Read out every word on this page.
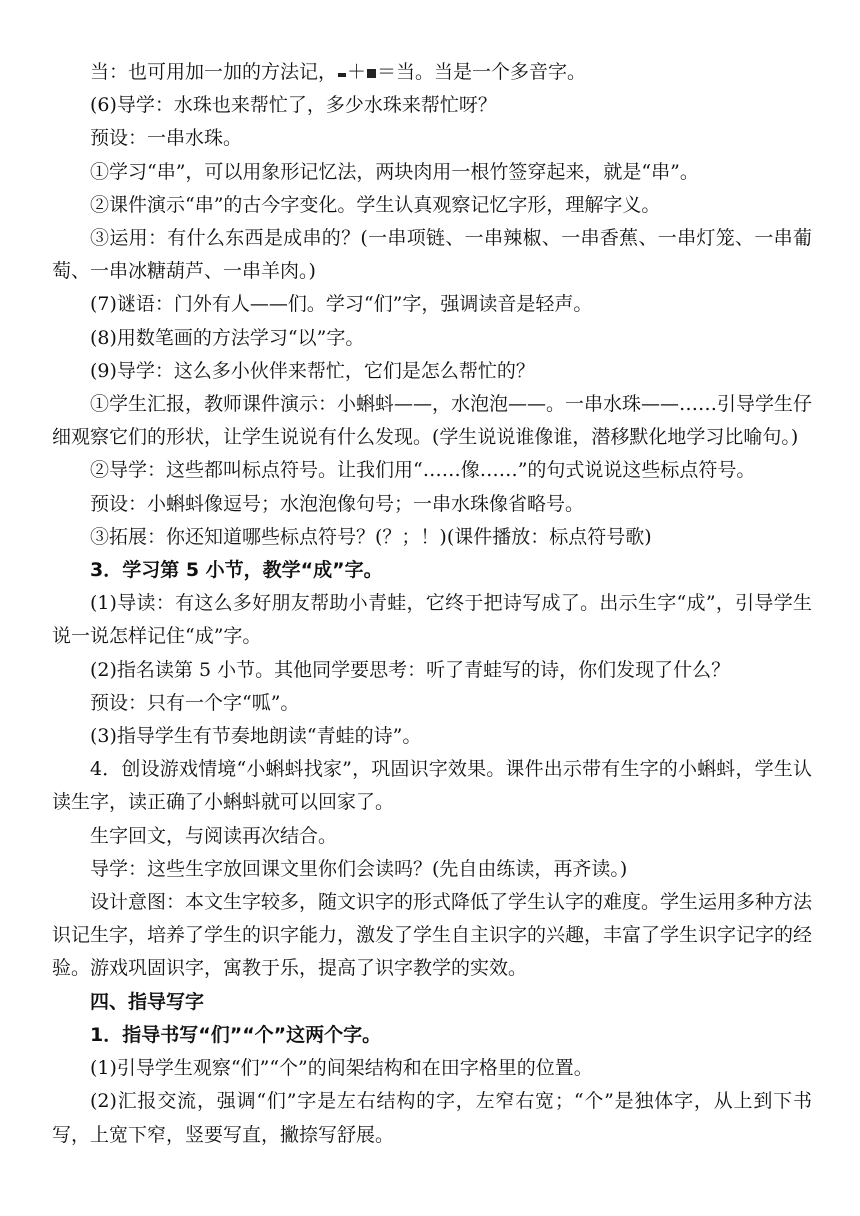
当：也可用加一加的方法记， ＋ ＝当。当是一个多音字。

(6)导学：水珠也来帮忙了，多少水珠来帮忙呀？

预设：一串水珠。

①学习“串”，可以用象形记忆法，两块肉用一根竹签穿起来，就是“串”。

②课件演示“串”的古今字变化。学生认真观察记忆字形，理解字义。

③运用：有什么东西是成串的？(一串项链、一串辣椒、一串香蕉、一串灯笼、一串葡萄、一串冰糖葫芦、一串羊肉。)

(7)谜语：门外有人——们。学习“们”字，强调读音是轻声。

(8)用数笔画的方法学习“以”字。

(9)导学：这么多小伙伴来帮忙，它们是怎么帮忙的？

①学生汇报，教师课件演示：小蝌蚪——，水泡泡——。一串水珠——……引导学生仔细观察它们的形状，让学生说说有什么发现。(学生说说谁像谁，潜移默化地学习比喻句。)

②导学：这些都叫标点符号。让我们用“……像……”的句式说说这些标点符号。

预设：小蝌蚪像逗号；水泡泡像句号；一串水珠像省略号。

③拓展：你还知道哪些标点符号？(？；！)(课件播放：标点符号歌)

3．学习第 5 小节，教学“成”字。

(1)导读：有这么多好朋友帮助小青蛙，它终于把诗写成了。出示生字“成”，引导学生说一说怎样记住“成”字。

(2)指名读第 5 小节。其他同学要思考：听了青蛙写的诗，你们发现了什么？

预设：只有一个字“呱”。

(3)指导学生有节奏地朗读“青蛙的诗”。

4．创设游戏情境“小蝌蚪找家”，巩固识字效果。课件出示带有生字的小蝌蚪，学生认读生字，读正确了小蝌蚪就可以回家了。

生字回文，与阅读再次结合。

导学：这些生字放回课文里你们会读吗？(先自由练读，再齐读。)

设计意图：本文生字较多，随文识字的形式降低了学生认字的难度。学生运用多种方法识记生字，培养了学生的识字能力，激发了学生自主识字的兴趣，丰富了学生识字记字的经验。游戏巩固识字，寓教于乐，提高了识字教学的实效。

四、指导写字

1．指导书写“们”“个”这两个字。

(1)引导学生观察“们”“个”的间架结构和在田字格里的位置。

(2)汇报交流，强调“们”字是左右结构的字，左窄右宽；“个”是独体字，从上到下书写，上宽下窄，竖要写直，撇捺写舒展。
